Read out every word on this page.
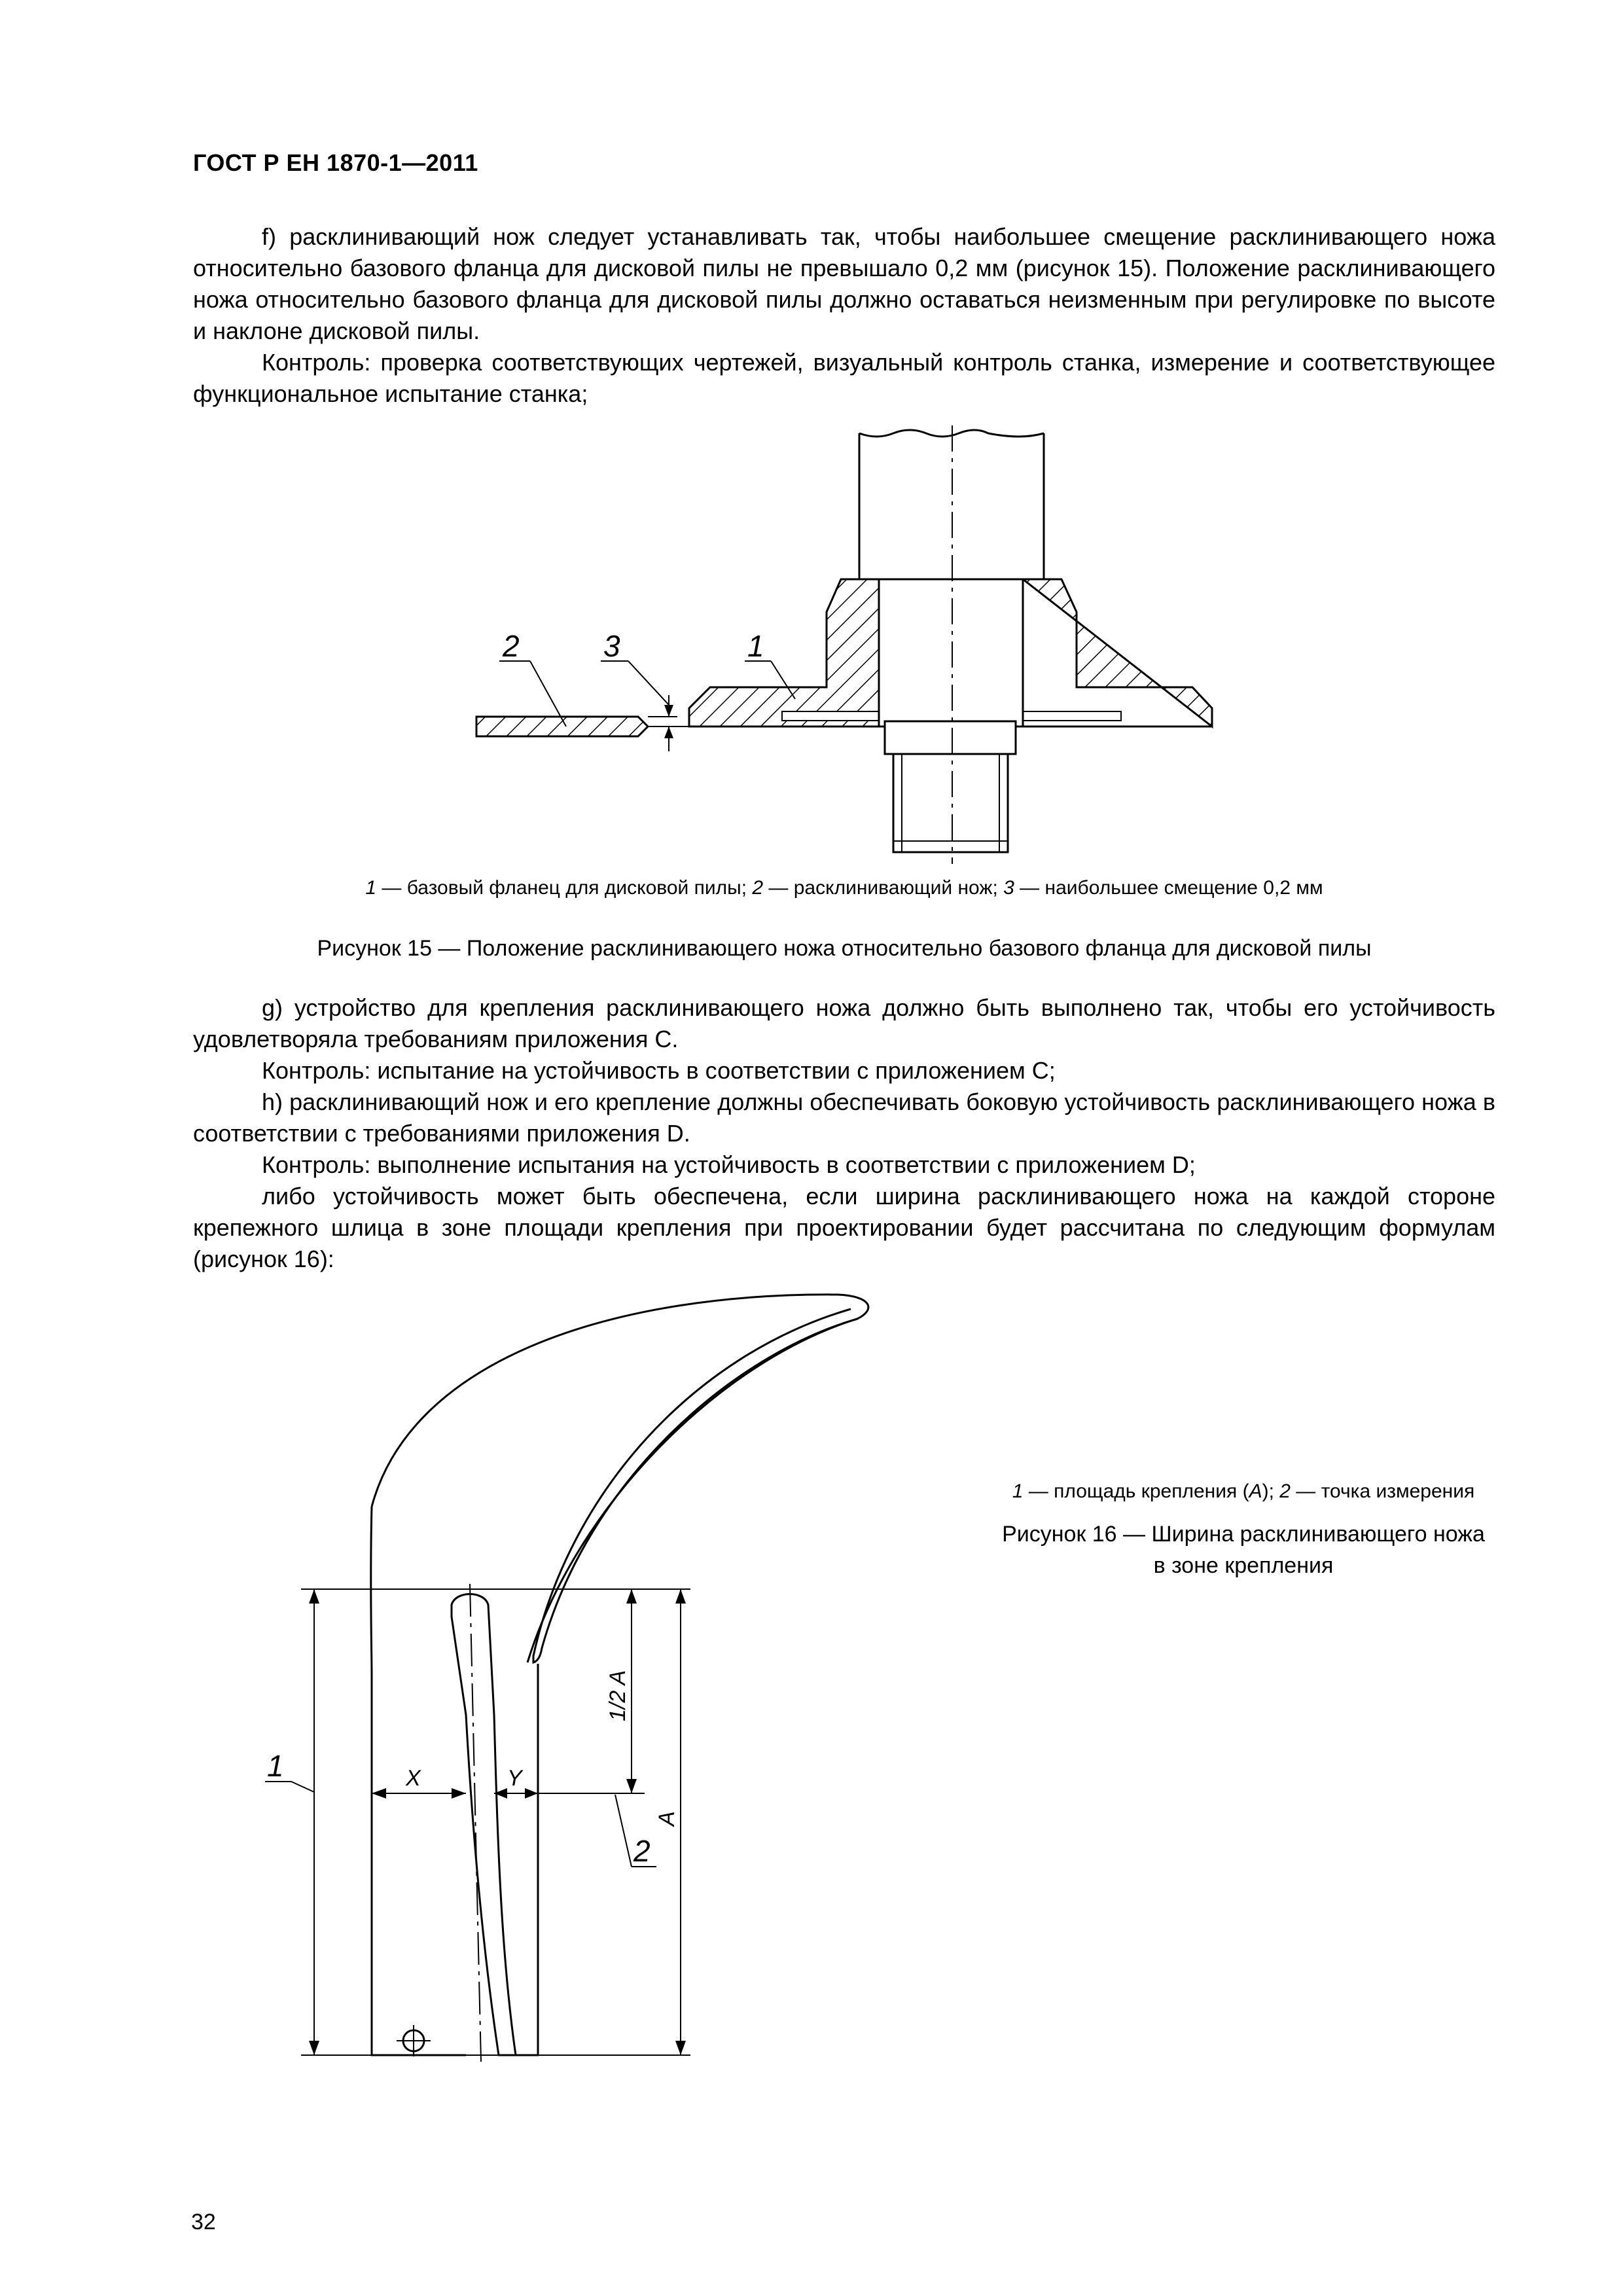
ГОСТ Р ЕН 1870-1—2011

f) расклинивающий нож следует устанавливать так, чтобы наибольшее смещение расклинивающего ножа относительно базового фланца для дисковой пилы не превышало 0,2 мм (рисунок 15). Положение расклинивающего ножа относительно базового фланца для дисковой пилы должно оставаться неизменным при регулировке по высоте и наклоне дисковой пилы.

Контроль: проверка соответствующих чертежей, визуальный контроль станка, измерение и соответствующее функциональное испытание станка;

2	3	1
1 — базовый фланец для дисковой пилы; 2 — расклинивающий нож; 3 — наибольшее смещение 0,2 мм
Рисунок 15 — Положение расклинивающего ножа относительно базового фланца для дисковой пилы

g) устройство для крепления расклинивающего ножа должно быть выполнено так, чтобы его устойчивость удовлетворяла требованиям приложения С.

Контроль: испытание на устойчивость в соответствии с приложением С;

h) расклинивающий нож и его крепление должны обеспечивать боковую устойчивость расклинивающего ножа в соответствии с требованиями приложения D.

Контроль: выполнение испытания на устойчивость в соответствии с приложением D;

либо устойчивость может быть обеспечена, если ширина расклинивающего ножа на каждой стороне крепежного шлица в зоне площади крепления при проектировании будет рассчитана по следующим формулам (рисунок 16):

1
2
X	Y
1/2 A
A
1 — площадь крепления (A); 2 — точка измерения
Рисунок 16 — Ширина расклинивающего ножа
в зоне крепления
32
